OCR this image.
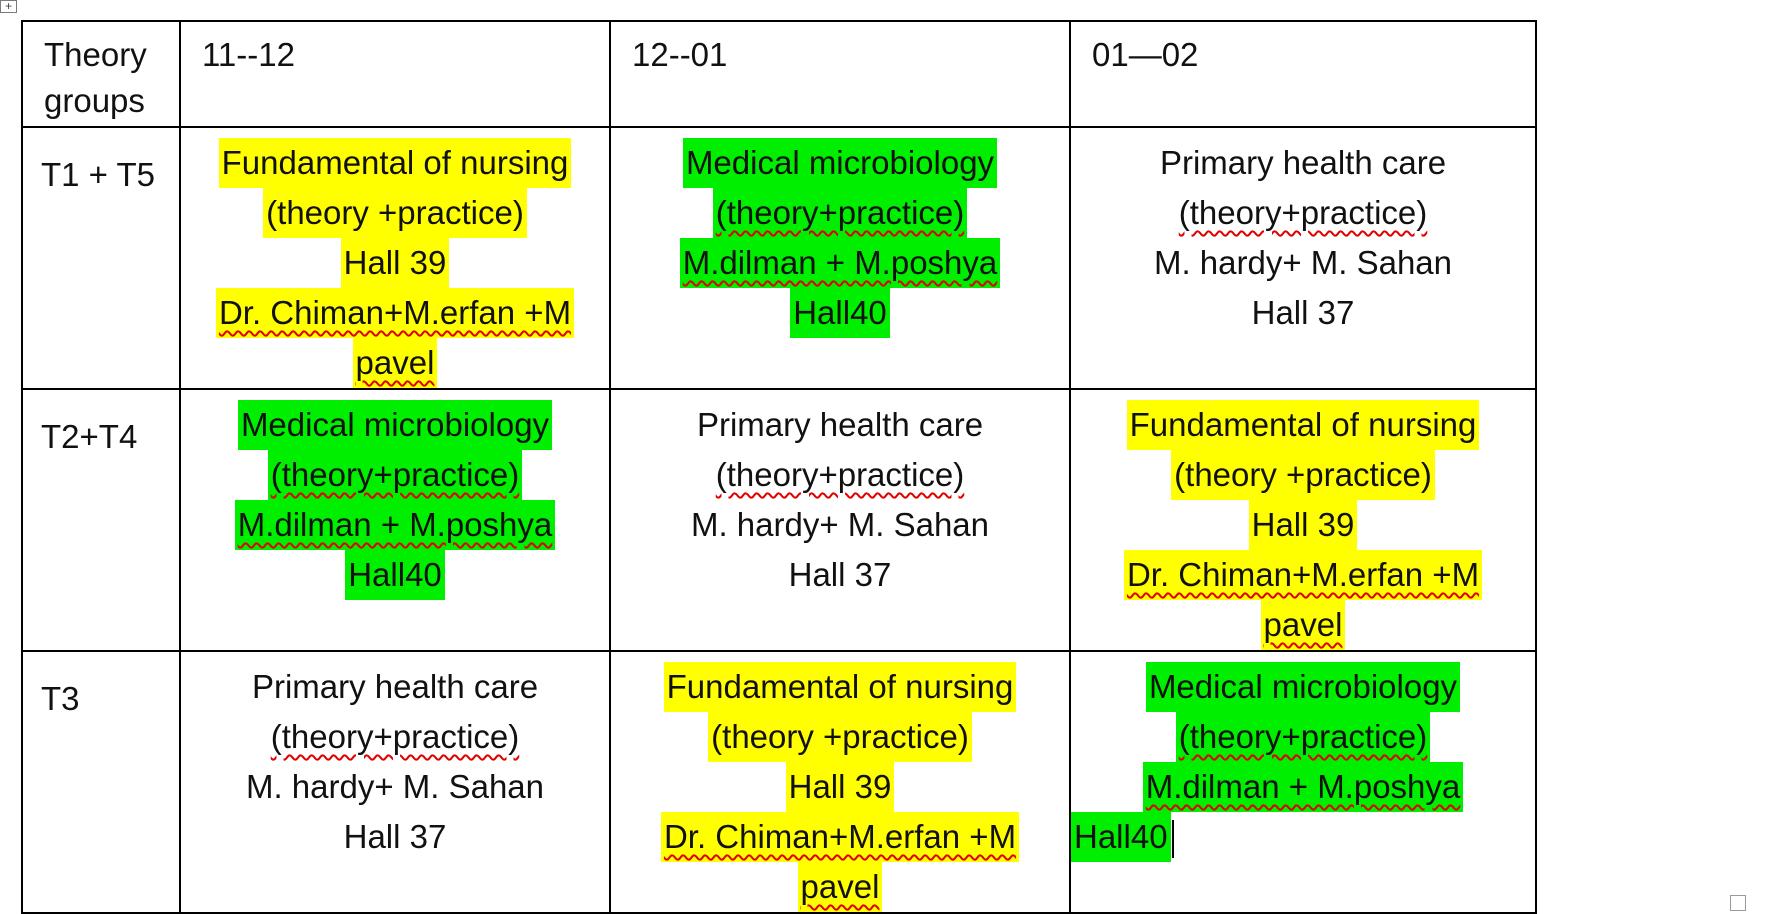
+
Theory
groups	11--12	12--01	01—02

T1 + T5	Fundamental of nursing
(theory +practice)
Hall 39
Dr. Chiman+M.erfan +M
pavel	Medical microbiology
(theory+practice)
M.dilman + M.poshya
Hall40	Primary health care
(theory+practice)
M. hardy+ M. Sahan
Hall 37

T2+T4	Medical microbiology
(theory+practice)
M.dilman + M.poshya
Hall40	Primary health care
(theory+practice)
M. hardy+ M. Sahan
Hall 37	Fundamental of nursing
(theory +practice)
Hall 39
Dr. Chiman+M.erfan +M
pavel

T3	Primary health care
(theory+practice)
M. hardy+ M. Sahan
Hall 37	Fundamental of nursing
(theory +practice)
Hall 39
Dr. Chiman+M.erfan +M
pavel	Medical microbiology
(theory+practice)
M.dilman + M.poshya
Hall40
